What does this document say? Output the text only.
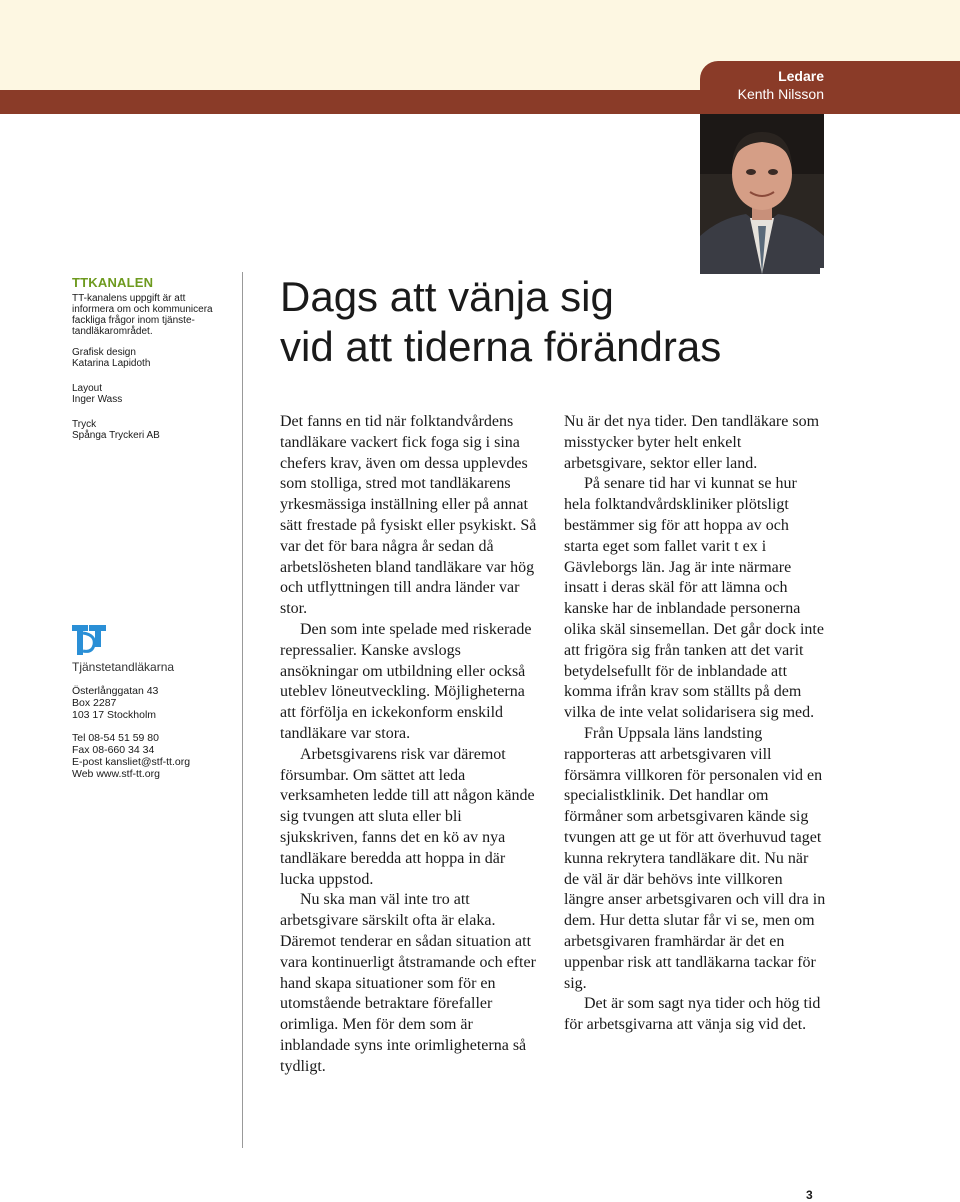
Ledare
Kenth Nilsson
TTKANALEN
TT-kanalens uppgift är att
informera om och kommunicera
fackliga frågor inom tjänste-
tandläkarområdet.
Grafisk design
Katarina Lapidoth
Layout
Inger Wass
Tryck
Spånga Tryckeri AB
Tjänstetandläkarna
Österlånggatan 43
Box 2287
103 17 Stockholm
Tel 08-54 51 59 80
Fax 08-660 34 34
E-post kansliet@stf-tt.org
Web www.stf-tt.org
Dags att vänja sig
vid att tiderna förändras

Det fanns en tid när folktandvårdens tandläkare vackert fick foga sig i sina chefers krav, även om dessa upplevdes som stolliga, stred mot tandläkarens yrkesmässiga inställning eller på annat sätt frestade på fysiskt eller psykiskt. Så var det för bara några år sedan då arbetslösheten bland tandläkare var hög och utflyttningen till andra länder var stor.

Den som inte spelade med riskerade repressalier. Kanske avslogs ansökningar om utbildning eller också uteblev löneutveckling. Möjligheterna att förfölja en ickekonform enskild tandläkare var stora.

Arbetsgivarens risk var däremot försumbar. Om sättet att leda verksamheten ledde till att någon kände sig tvungen att sluta eller bli sjukskriven, fanns det en kö av nya tandläkare beredda att hoppa in där lucka uppstod.

Nu ska man väl inte tro att arbetsgivare särskilt ofta är elaka. Däremot tenderar en sådan situation att vara kontinuerligt åtstramande och efter hand skapa situationer som för en utomstående betraktare förefaller orimliga. Men för dem som är inblandade syns inte orimligheterna så tydligt.

Nu är det nya tider. Den tandläkare som misstycker byter helt enkelt arbetsgivare, sektor eller land.

På senare tid har vi kunnat se hur hela folktandvårdskliniker plötsligt bestämmer sig för att hoppa av och starta eget som fallet varit t ex i Gävleborgs län. Jag är inte närmare insatt i deras skäl för att lämna och kanske har de inblandade personerna olika skäl sinsemellan. Det går dock inte att frigöra sig från tanken att det varit betydelsefullt för de inblandade att komma ifrån krav som ställts på dem vilka de inte velat solidarisera sig med.

Från Uppsala läns landsting rapporteras att arbetsgivaren vill försämra villkoren för personalen vid en specialistklinik. Det handlar om förmåner som arbetsgivaren kände sig tvungen att ge ut för att överhuvud taget kunna rekrytera tandläkare dit. Nu när de väl är där behövs inte villkoren längre anser arbetsgivaren och vill dra in dem. Hur detta slutar får vi se, men om arbetsgivaren framhärdar är det en uppenbar risk att tandläkarna tackar för sig.

Det är som sagt nya tider och hög tid för arbetsgivarna att vänja sig vid det.

3
